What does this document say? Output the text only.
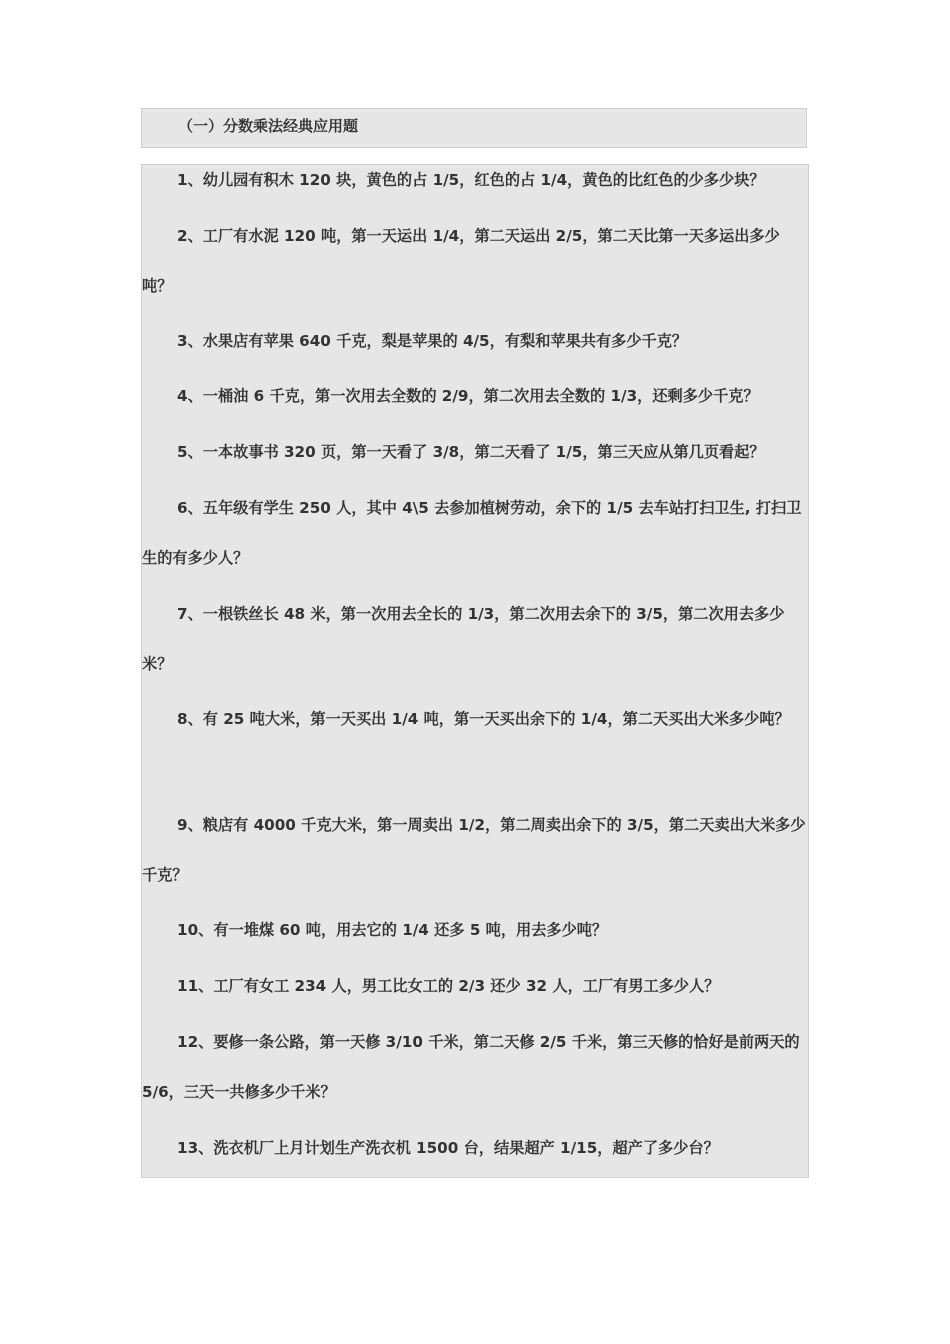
（一）分数乘法经典应用题
1、幼儿园有积木 120 块，黄色的占 1/5，红色的占 1/4，黄色的比红色的少多少块？
2、工厂有水泥 120 吨，第一天运出 1/4，第二天运出 2/5，第二天比第一天多运出多少吨？
3、水果店有苹果 640 千克，梨是苹果的 4/5，有梨和苹果共有多少千克？
4、一桶油 6 千克，第一次用去全数的 2/9，第二次用去全数的 1/3，还剩多少千克？
5、一本故事书 320 页，第一天看了 3/8，第二天看了 1/5，第三天应从第几页看起？
6、五年级有学生 250 人，其中 4\5 去参加植树劳动，余下的 1/5 去车站打扫卫生, 打扫卫生的有多少人？
7、一根铁丝长 48 米，第一次用去全长的 1/3，第二次用去余下的 3/5，第二次用去多少米？
8、有 25 吨大米，第一天买出 1/4 吨，第一天买出余下的 1/4，第二天买出大米多少吨？
9、粮店有 4000 千克大米，第一周卖出 1/2，第二周卖出余下的 3/5，第二天卖出大米多少千克？
10、有一堆煤 60 吨，用去它的 1/4 还多 5 吨，用去多少吨？
11、工厂有女工 234 人，男工比女工的 2/3 还少 32 人，工厂有男工多少人？
12、要修一条公路，第一天修 3/10 千米，第二天修 2/5 千米，第三天修的恰好是前两天的 5/6，三天一共修多少千米？
13、洗衣机厂上月计划生产洗衣机 1500 台，结果超产 1/15，超产了多少台？
